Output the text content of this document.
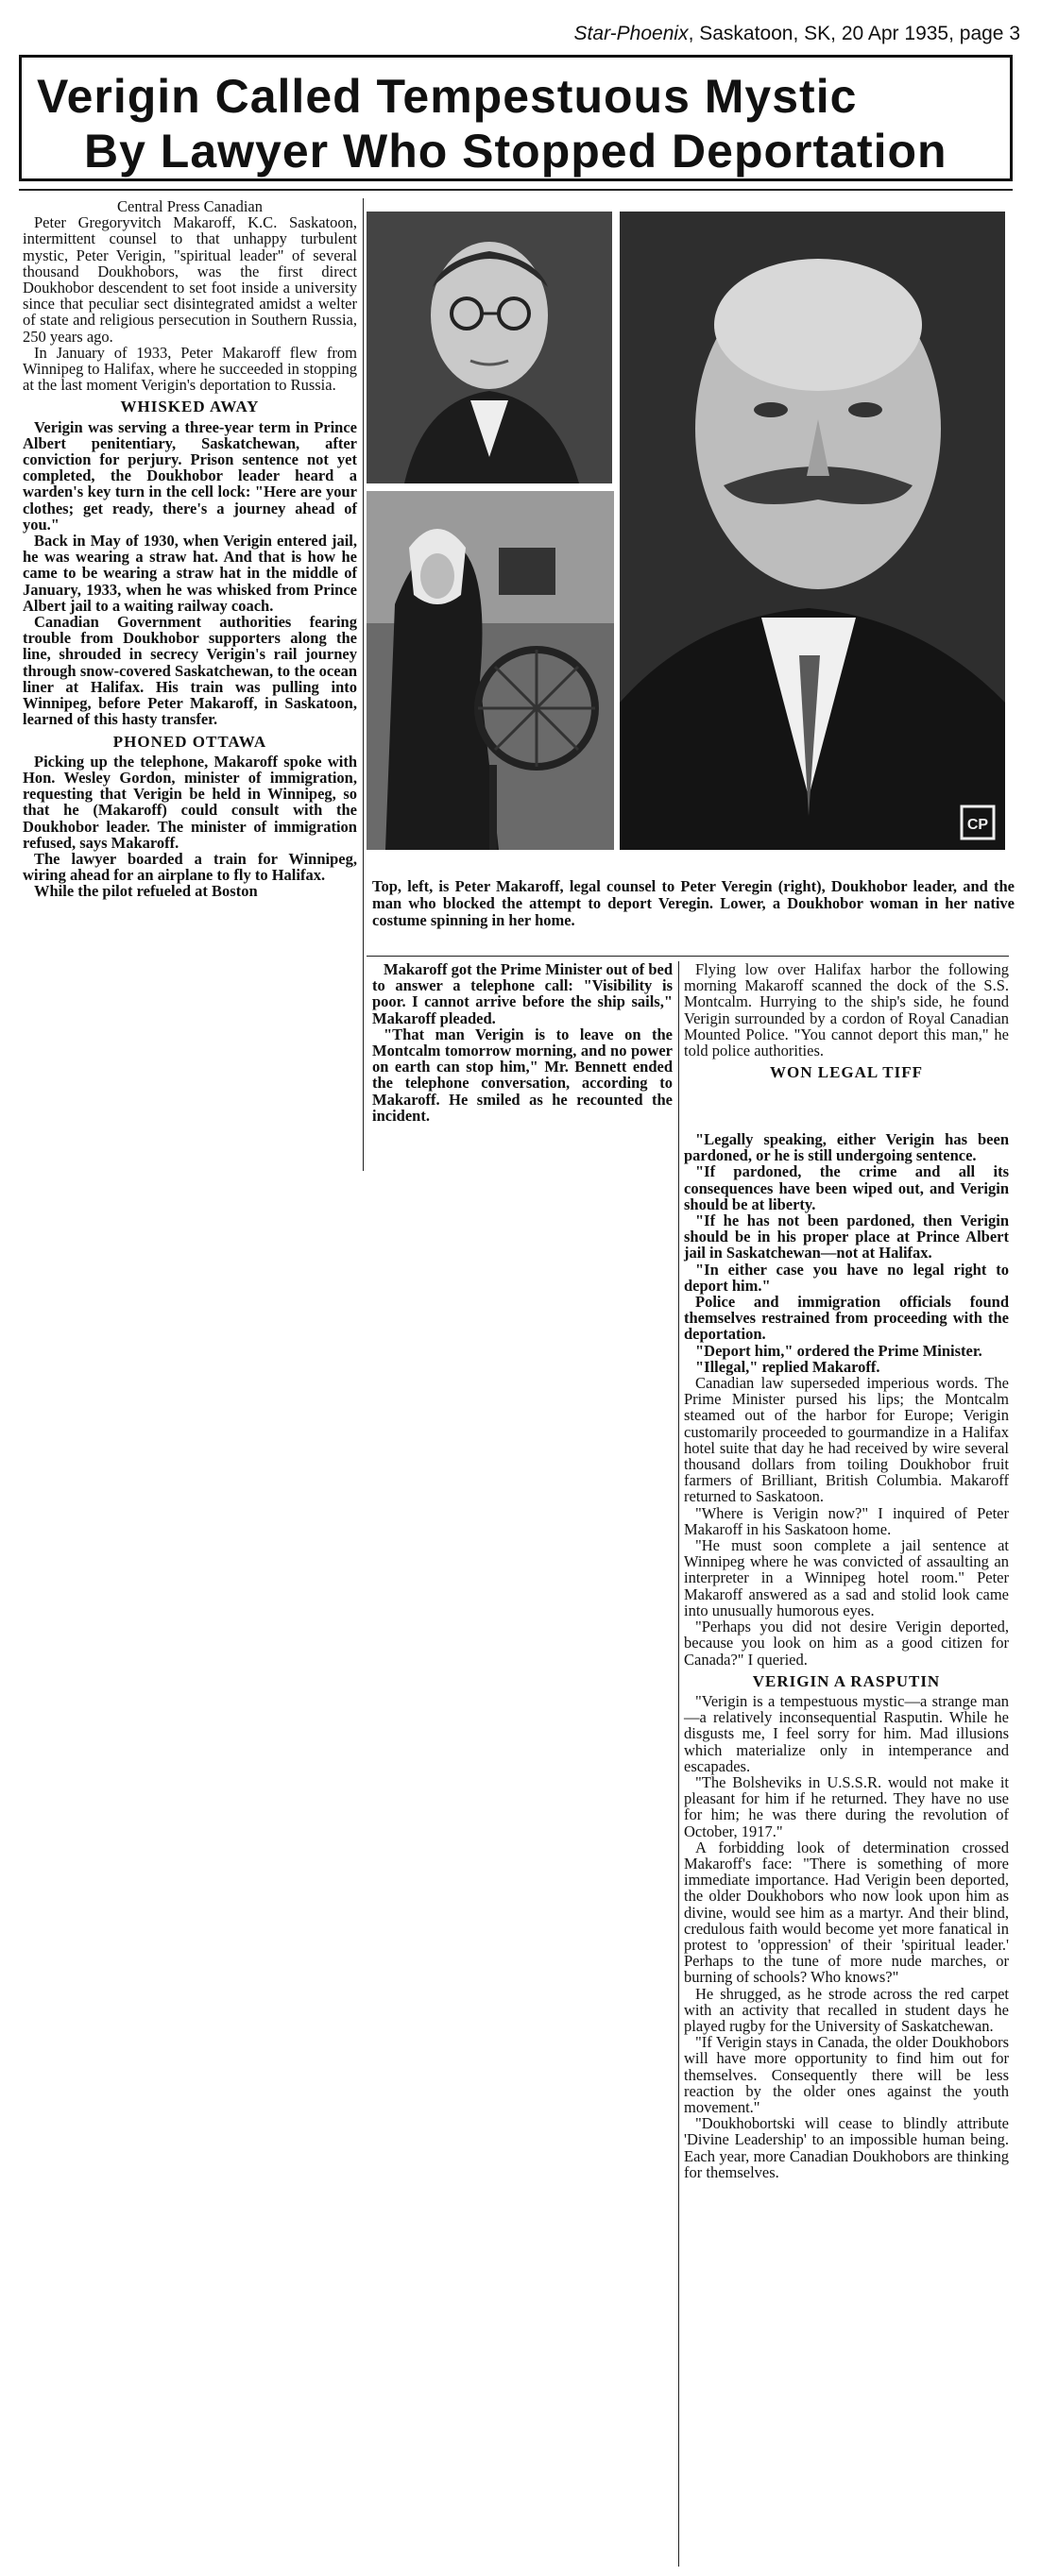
Star-Phoenix, Saskatoon, SK, 20 Apr 1935, page 3
Verigin Called Tempestuous Mystic
By Lawyer Who Stopped Deportation

Central Press Canadian

Peter Gregoryvitch Makaroff, K.C. Saskatoon, intermittent counsel to that unhappy turbulent mystic, Peter Verigin, "spiritual leader" of several thousand Doukhobors, was the first direct Doukhobor descendent to set foot inside a university since that peculiar sect disintegrated amidst a welter of state and religious persecution in Southern Russia, 250 years ago.

In January of 1933, Peter Makaroff flew from Winnipeg to Halifax, where he succeeded in stopping at the last moment Verigin's deportation to Russia.

WHISKED AWAY

Verigin was serving a three-year term in Prince Albert penitentiary, Saskatchewan, after conviction for perjury. Prison sentence not yet completed, the Doukhobor leader heard a warden's key turn in the cell lock: "Here are your clothes; get ready, there's a journey ahead of you."

Back in May of 1930, when Verigin entered jail, he was wearing a straw hat. And that is how he came to be wearing a straw hat in the middle of January, 1933, when he was whisked from Prince Albert jail to a waiting railway coach.

Canadian Government authorities fearing trouble from Doukhobor supporters along the line, shrouded in secrecy Verigin's rail journey through snow-covered Saskatchewan, to the ocean liner at Halifax. His train was pulling into Winnipeg, before Peter Makaroff, in Saskatoon, learned of this hasty transfer.

PHONED OTTAWA

Picking up the telephone, Makaroff spoke with Hon. Wesley Gordon, minister of immigration, requesting that Verigin be held in Winnipeg, so that he (Makaroff) could consult with the Doukhobor leader. The minister of immigration refused, says Makaroff.

The lawyer boarded a train for Winnipeg, wiring ahead for an airplane to fly to Halifax.

While the pilot refueled at Boston

CP
Top, left, is Peter Makaroff, legal counsel to Peter Veregin (right), Doukhobor leader, and the man who blocked the attempt to deport Veregin. Lower, a Doukhobor woman in her native costume spinning in her home.

Makaroff got the Prime Minister out of bed to answer a telephone call: "Visibility is poor. I cannot arrive before the ship sails," Makaroff pleaded.

"That man Verigin is to leave on the Montcalm tomorrow morning, and no power on earth can stop him," Mr. Bennett ended the telephone conversation, according to Makaroff. He smiled as he recounted the incident.

Flying low over Halifax harbor the following morning Makaroff scanned the dock of the S.S. Montcalm. Hurrying to the ship's side, he found Verigin surrounded by a cordon of Royal Canadian Mounted Police. "You cannot deport this man," he told police authorities.

WON LEGAL TIFF

"Legally speaking, either Verigin has been pardoned, or he is still undergoing sentence.

"If pardoned, the crime and all its consequences have been wiped out, and Verigin should be at liberty.

"If he has not been pardoned, then Verigin should be in his proper place at Prince Albert jail in Saskatchewan—not at Halifax.

"In either case you have no legal right to deport him."

Police and immigration officials found themselves restrained from proceeding with the deportation.

"Deport him," ordered the Prime Minister.

"Illegal," replied Makaroff.

Canadian law superseded imperious words. The Prime Minister pursed his lips; the Montcalm steamed out of the harbor for Europe; Verigin customarily proceeded to gourmandize in a Halifax hotel suite that day he had received by wire several thousand dollars from toiling Doukhobor fruit farmers of Brilliant, British Columbia. Makaroff returned to Saskatoon.

"Where is Verigin now?" I inquired of Peter Makaroff in his Saskatoon home.

"He must soon complete a jail sentence at Winnipeg where he was convicted of assaulting an interpreter in a Winnipeg hotel room." Peter Makaroff answered as a sad and stolid look came into unusually humorous eyes.

"Perhaps you did not desire Verigin deported, because you look on him as a good citizen for Canada?" I queried.

VERIGIN A RASPUTIN

"Verigin is a tempestuous mystic—a strange man—a relatively inconsequential Rasputin. While he disgusts me, I feel sorry for him. Mad illusions which materialize only in intemperance and escapades.

"The Bolsheviks in U.S.S.R. would not make it pleasant for him if he returned. They have no use for him; he was there during the revolution of October, 1917."

A forbidding look of determination crossed Makaroff's face: "There is something of more immediate importance. Had Verigin been deported, the older Doukhobors who now look upon him as divine, would see him as a martyr. And their blind, credulous faith would become yet more fanatical in protest to 'oppression' of their 'spiritual leader.' Perhaps to the tune of more nude marches, or burning of schools? Who knows?"

He shrugged, as he strode across the red carpet with an activity that recalled in student days he played rugby for the University of Saskatchewan.

"If Verigin stays in Canada, the older Doukhobors will have more opportunity to find him out for themselves. Consequently there will be less reaction by the older ones against the youth movement."

"Doukhobortski will cease to blindly attribute 'Divine Leadership' to an impossible human being. Each year, more Canadian Doukhobors are thinking for themselves.
